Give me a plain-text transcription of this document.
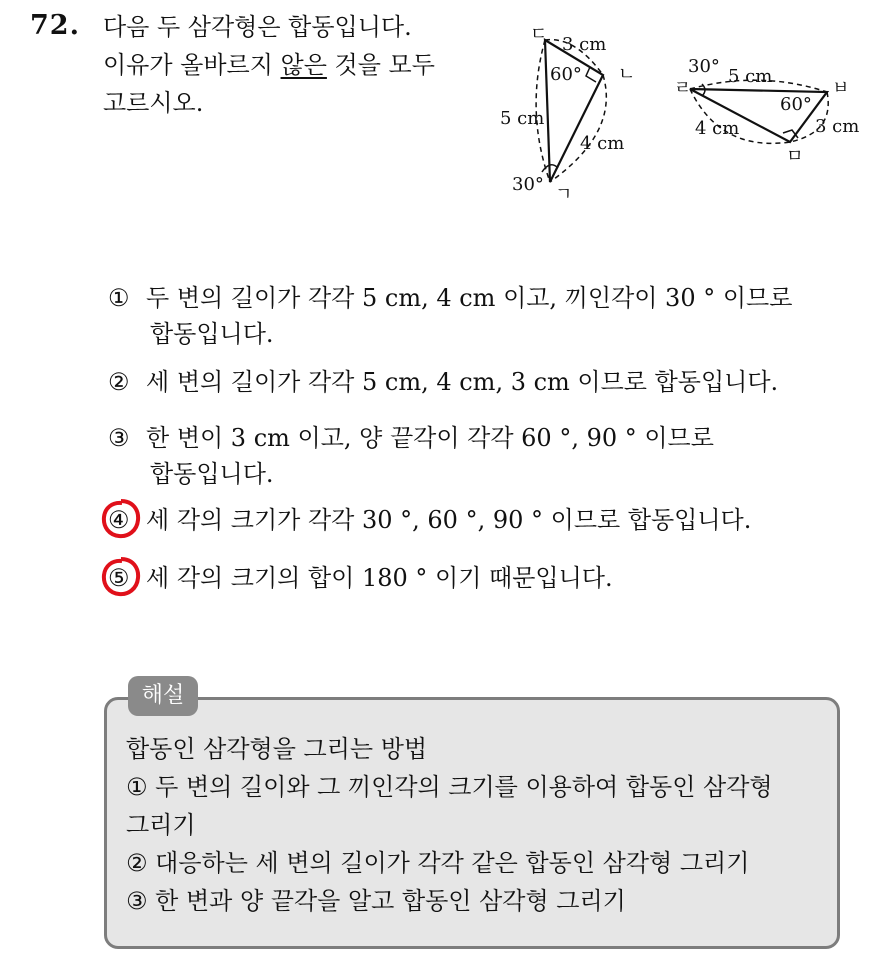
72. 다음 두 삼각형은 합동입니다.
이유가 올바르지 않은 것을 모두
고르시오.
ㄷ
ㄴ
ㄱ
3 cm
5 cm
4 cm
60°
30°
ㄹ	ㅂ
ㅁ
5 cm
4 cm	3 cm
30°
60°
① 두 변의 길이가 각각 5 cm, 4 cm 이고, 끼인각이 30 ° 이므로
합동입니다.
② 세 변의 길이가 각각 5 cm, 4 cm, 3 cm 이므로 합동입니다.
③ 한 변이 3 cm 이고, 양 끝각이 각각 60 °, 90 ° 이므로
합동입니다.
④ 세 각의 크기가 각각 30 °, 60 °, 90 ° 이므로 합동입니다.
⑤ 세 각의 크기의 합이 180 ° 이기 때문입니다.
해설
합동인 삼각형을 그리는 방법
① 두 변의 길이와 그 끼인각의 크기를 이용하여 합동인 삼각형
그리기
② 대응하는 세 변의 길이가 각각 같은 합동인 삼각형 그리기
③ 한 변과 양 끝각을 알고 합동인 삼각형 그리기
